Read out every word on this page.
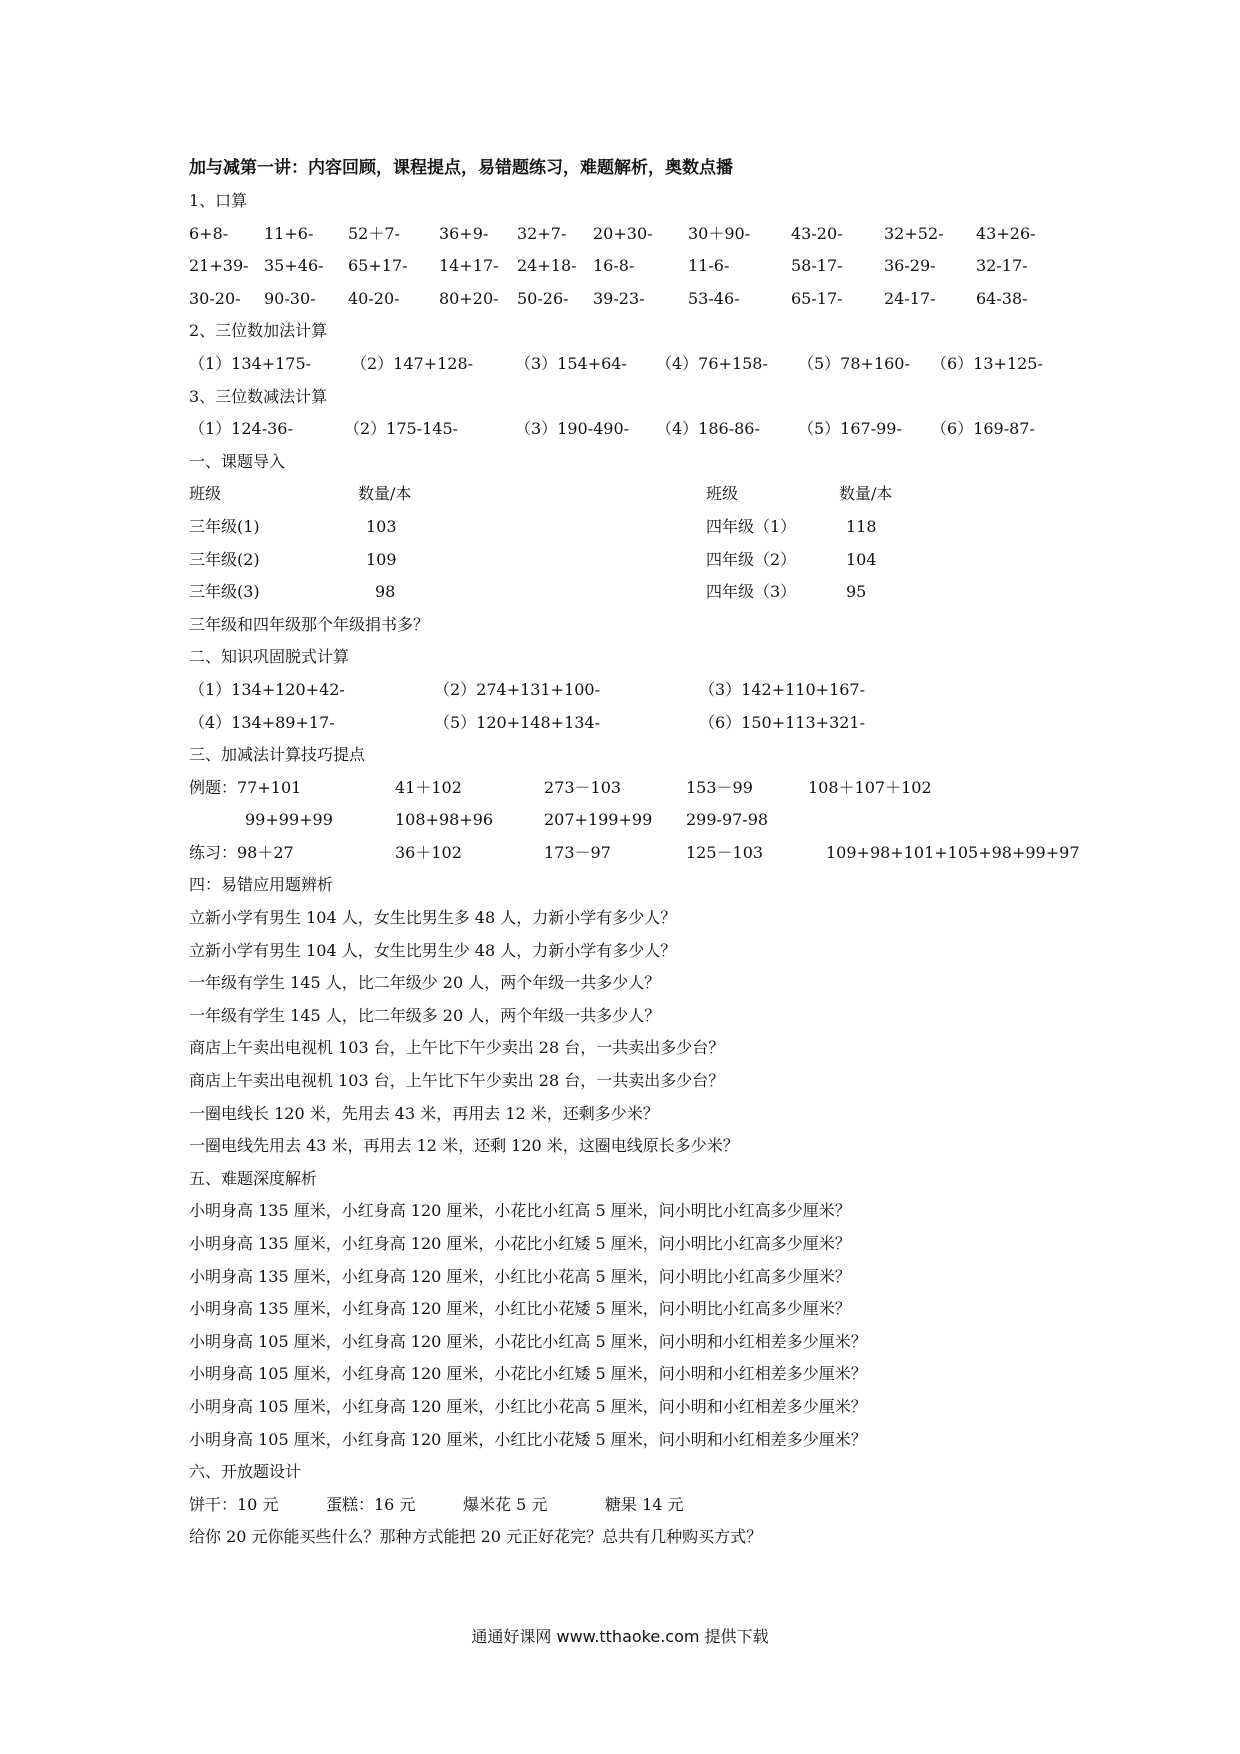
加与减第一讲：内容回顾，课程提点，易错题练习，难题解析，奥数点播
1、口算
6+8- 11+6- 52＋7- 36+9- 32+7- 20+30- 30＋90-	43-20-	32+52- 43+26-
21+39- 35+46- 65+17- 14+17- 24+18- 16-8-	11-6-	58-17-	36-29-	32-17-
30-20- 90-30- 40-20- 80+20- 50-26- 39-23-	53-46-	65-17-	24-17-	64-38-
2、三位数加法计算
（1）134+175- （2）147+128-	（3）154+64- （4）76+158- （5）78+160- （6）13+125-
3、三位数减法计算
（1）124-36-	（2）175-145-	（3）190-490- （4）186-86- （5）167-99- （6）169-87-
一、课题导入
班级	数量/本	班级	数量/本
三年级(1)	103	四年级（1）	118
三年级(2)	109	四年级（2）	104
三年级(3)	98	四年级（3）	95
三年级和四年级那个年级捐书多？
二、知识巩固脱式计算
（1）134+120+42-	（2）274+131+100-	（3）142+110+167-
（4）134+89+17-	（5）120+148+134-	（6）150+113+321-
三、加减法计算技巧提点
例题：77+101	41＋102	273－103	153－99	108＋107＋102
99+99+99	108+98+96	207+199+99 299-97-98
练习：98＋27	36＋102	173－97	125－103	109+98+101+105+98+99+97
四：易错应用题辨析
立新小学有男生 104 人，女生比男生多 48 人，力新小学有多少人？
立新小学有男生 104 人，女生比男生少 48 人，力新小学有多少人？
一年级有学生 145 人，比二年级少 20 人，两个年级一共多少人？
一年级有学生 145 人，比二年级多 20 人，两个年级一共多少人？
商店上午卖出电视机 103 台，上午比下午少卖出 28 台，一共卖出多少台？
商店上午卖出电视机 103 台，上午比下午少卖出 28 台，一共卖出多少台？
一圈电线长 120 米，先用去 43 米，再用去 12 米，还剩多少米？
一圈电线先用去 43 米，再用去 12 米，还剩 120 米，这圈电线原长多少米？
五、难题深度解析
小明身高 135 厘米，小红身高 120 厘米，小花比小红高 5 厘米，问小明比小红高多少厘米？
小明身高 135 厘米，小红身高 120 厘米，小花比小红矮 5 厘米，问小明比小红高多少厘米？
小明身高 135 厘米，小红身高 120 厘米，小红比小花高 5 厘米，问小明比小红高多少厘米？
小明身高 135 厘米，小红身高 120 厘米，小红比小花矮 5 厘米，问小明比小红高多少厘米？
小明身高 105 厘米，小红身高 120 厘米，小花比小红高 5 厘米，问小明和小红相差多少厘米？
小明身高 105 厘米，小红身高 120 厘米，小花比小红矮 5 厘米，问小明和小红相差多少厘米？
小明身高 105 厘米，小红身高 120 厘米，小红比小花高 5 厘米，问小明和小红相差多少厘米？
小明身高 105 厘米，小红身高 120 厘米，小红比小花矮 5 厘米，问小明和小红相差多少厘米？
六、开放题设计
饼干：10 元	蛋糕：16 元	爆米花 5 元	糖果 14 元
给你 20 元你能买些什么？那种方式能把 20 元正好花完？总共有几种购买方式？
通通好课网 www.tthaoke.com 提供下载
